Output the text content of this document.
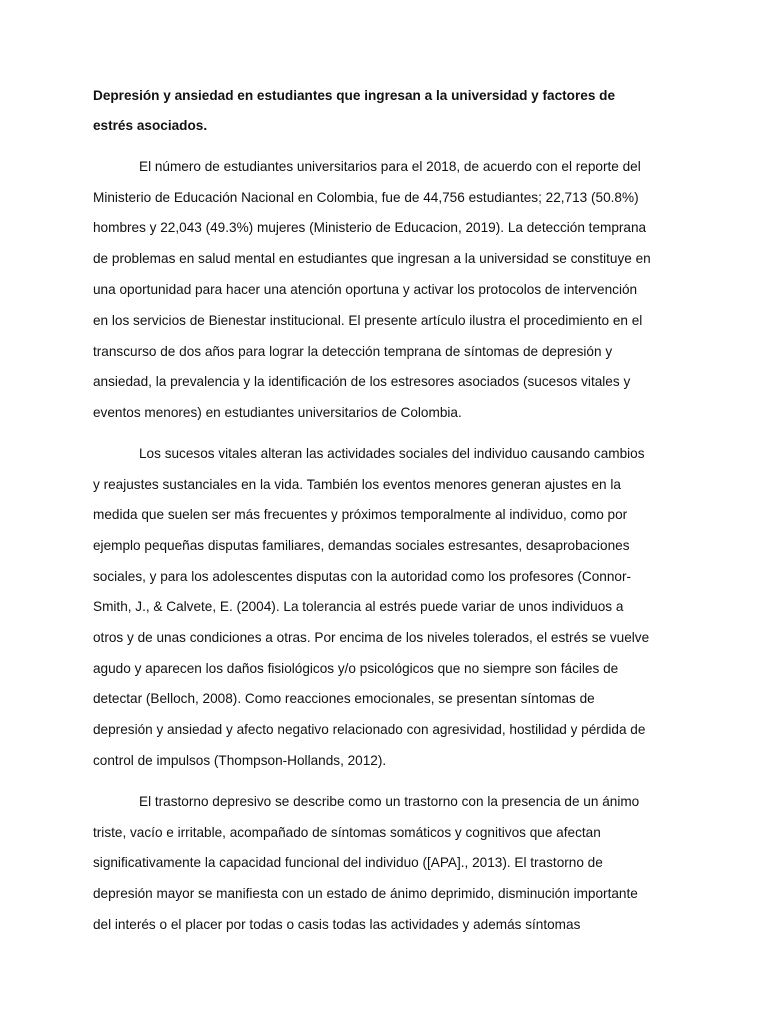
Depresión y ansiedad en estudiantes que ingresan a la universidad y factores de

estrés asociados.

El número de estudiantes universitarios para el 2018, de acuerdo con el reporte del

Ministerio de Educación Nacional en Colombia, fue de 44,756 estudiantes; 22,713 (50.8%)

hombres y 22,043 (49.3%) mujeres (Ministerio de Educacion, 2019). La detección temprana

de problemas en salud mental en estudiantes que ingresan a la universidad se constituye en

una oportunidad para hacer una atención oportuna y activar los protocolos de intervención

en los servicios de Bienestar institucional. El presente artículo ilustra el procedimiento en el

transcurso de dos años para lograr la detección temprana de síntomas de depresión y

ansiedad, la prevalencia y la identificación de los estresores asociados (sucesos vitales y

eventos menores) en estudiantes universitarios de Colombia.

Los sucesos vitales alteran las actividades sociales del individuo causando cambios

y reajustes sustanciales en la vida. También los eventos menores generan ajustes en la

medida que suelen ser más frecuentes y próximos temporalmente al individuo, como por

ejemplo pequeñas disputas familiares, demandas sociales estresantes, desaprobaciones

sociales, y para los adolescentes disputas con la autoridad como los profesores (Connor-

Smith, J., & Calvete, E. (2004). La tolerancia al estrés puede variar de unos individuos a

otros y de unas condiciones a otras. Por encima de los niveles tolerados, el estrés se vuelve

agudo y aparecen los daños fisiológicos y/o psicológicos que no siempre son fáciles de

detectar (Belloch, 2008). Como reacciones emocionales, se presentan síntomas de

depresión y ansiedad y afecto negativo relacionado con agresividad, hostilidad y pérdida de

control de impulsos (Thompson-Hollands, 2012).

El trastorno depresivo se describe como un trastorno con la presencia de un ánimo

triste, vacío e irritable, acompañado de síntomas somáticos y cognitivos que afectan

significativamente la capacidad funcional del individuo ([APA]., 2013). El trastorno de

depresión mayor se manifiesta con un estado de ánimo deprimido, disminución importante

del interés o el placer por todas o casis todas las actividades y además síntomas
